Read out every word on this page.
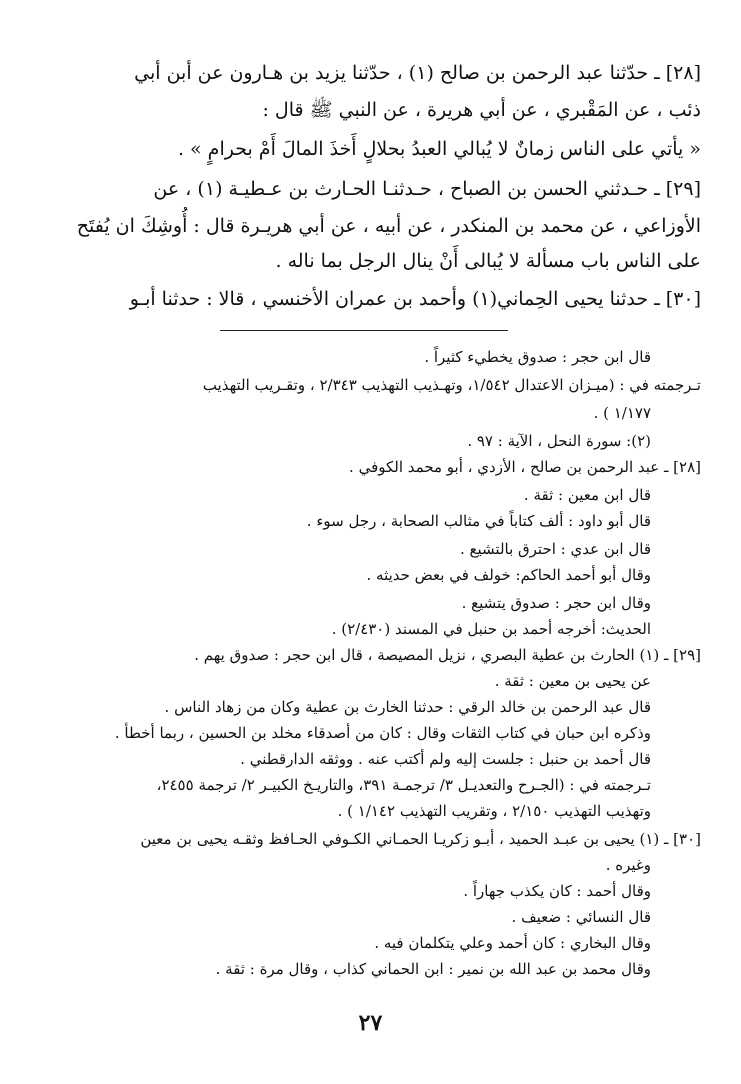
[٢٨] ـ حدّثنا عبد الرحمن بن صالح (١) ، حدّثنا يزيد بن هـارون عن أبن أبي
ذئب ، عن المَقْبري ، عن أبي هريرة ، عن النبي ﷺ قال :
« يأتي على الناس زمانٌ لا يُبالي العبدُ بحلالٍ أَخذَ المالَ أَمْ بحرامٍ » .
[٢٩] ـ حـدثني الحسن بن الصباح ، حـدثنـا الحـارث بن عـطيـة (١) ، عن
الأوزاعي ، عن محمد بن المنكدر ، عن أبيه ، عن أبي هريـرة قال : أُوشِكَ ان يُفتَح
على الناس باب مسألة لا يُبالى أَنْ ينال الرجل بما ناله .
[٣٠] ـ حدثنا يحيى الحِماني(١) وأحمد بن عمران الأخنسي ، قالا : حدثنا أبـو
قال ابن حجر : صدوق يخطيء كثيراً .
تـرجمته في : (ميـزان الاعتدال ١/٥٤٢، وتهـذيب التهذيب ٢/٣٤٣ ، وتقـريب التهذيب
١/١٧٧ ) .
(٢): سورة النحل ، الآية : ٩٧ .
[٢٨] ـ عبد الرحمن بن صالح ، الأزدي ، أبو محمد الكوفي .
قال ابن معين : ثقة .
قال أبو داود : ألف كتاباً في مثالب الصحابة ، رجل سوء .
قال ابن عدي : احترق بالتشيع .
وقال أبو أحمد الحاكم: خولف في بعض حديثه .
وقال ابن حجر : صدوق يتشيع .
الحديث: أخرجه أحمد بن حنبل في المسند (٢/٤٣٠) .
[٢٩] ـ (١) الحارث بن عطية البصري ، نزيل المصيصة ، قال ابن حجر : صدوق يهم .
عن يحيى بن معين : ثقة .
قال عبد الرحمن بن خالد الرقي : حدثنا الخارث بن عطية وكان من زهاد الناس .
وذكره ابن حبان في كتاب الثقات وقال : كان من أصدقاء مخلد بن الحسين ، ربما أخطأ .
قال أحمد بن حنبل : جلست إليه ولم أكتب عنه . ووثقه الدارقطني .
تـرجمته في : (الجـرح والتعديـل ٣/ ترجمـة ٣٩١، والتاريـخ الكبيـر ٢/ ترجمة ٢٤٥٥،
وتهذيب التهذيب ٢/١٥٠ ، وتقريب التهذيب ١/١٤٢ ) .
[٣٠] ـ (١) يحيى بن عبـد الحميد ، أبـو زكريـا الحمـاني الكـوفي الحـافظ وثقـه يحيى بن معين
وغيره .
وقال أحمد : كان يكذب جهاراً .
قال النسائي : ضعيف .
وقال البخاري : كان أحمد وعلي يتكلمان فيه .
وقال محمد بن عبد الله بن نمير : ابن الحماني كذاب ، وقال مرة : ثقة .
٢٧
